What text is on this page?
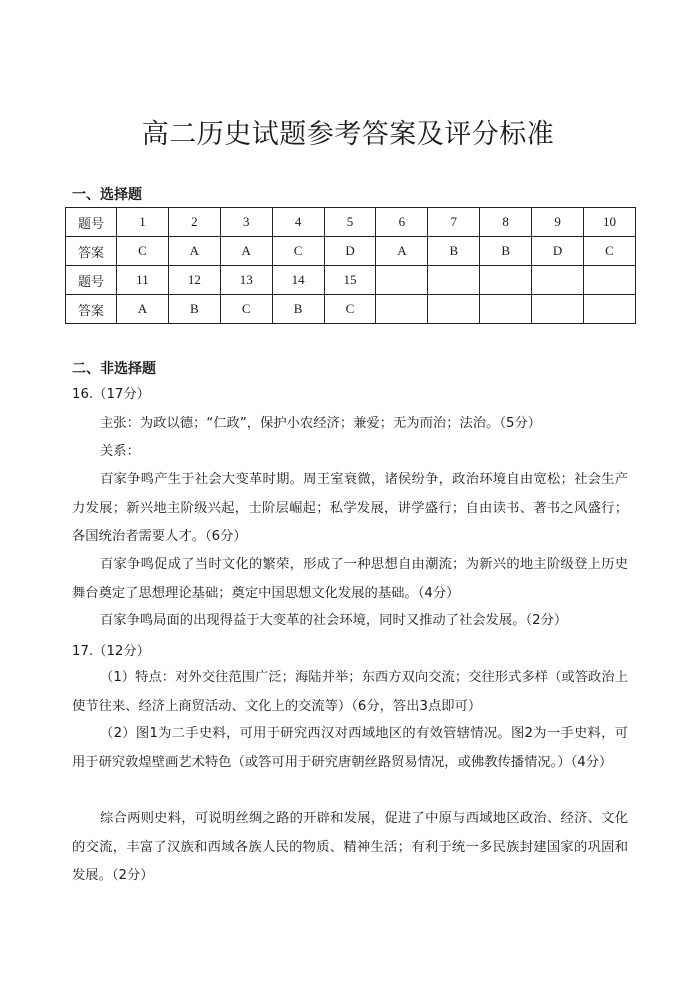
高二历史试题参考答案及评分标准
一、选择题
题号	1	2	3	4	5	6	7	8	9	10
答案	C	A	A	C	D	A	B	B	D	C
题号	11	12	13	14	15					
答案	A	B	C	B	C					
二、非选择题
16.（17分）
主张：为政以德；“仁政”，保护小农经济；兼爱；无为而治；法治。（5分）
关系：
百家争鸣产生于社会大变革时期。周王室衰微，诸侯纷争，政治环境自由宽松；社会生产力发展；新兴地主阶级兴起，士阶层崛起；私学发展，讲学盛行；自由读书、著书之风盛行；各国统治者需要人才。（6分）
百家争鸣促成了当时文化的繁荣，形成了一种思想自由潮流；为新兴的地主阶级登上历史舞台奠定了思想理论基础；奠定中国思想文化发展的基础。（4分）
百家争鸣局面的出现得益于大变革的社会环境，同时又推动了社会发展。（2分）
17.（12分）
（1）特点：对外交往范围广泛；海陆并举；东西方双向交流；交往形式多样（或答政治上使节往来、经济上商贸活动、文化上的交流等）（6分，答出3点即可）
（2）图1为二手史料，可用于研究西汉对西域地区的有效管辖情况。图2为一手史料，可用于研究敦煌壁画艺术特色（或答可用于研究唐朝丝路贸易情况，或佛教传播情况。）（4分）
综合两则史料，可说明丝绸之路的开辟和发展，促进了中原与西域地区政治、经济、文化的交流，丰富了汉族和西域各族人民的物质、精神生活；有利于统一多民族封建国家的巩固和发展。（2分）
